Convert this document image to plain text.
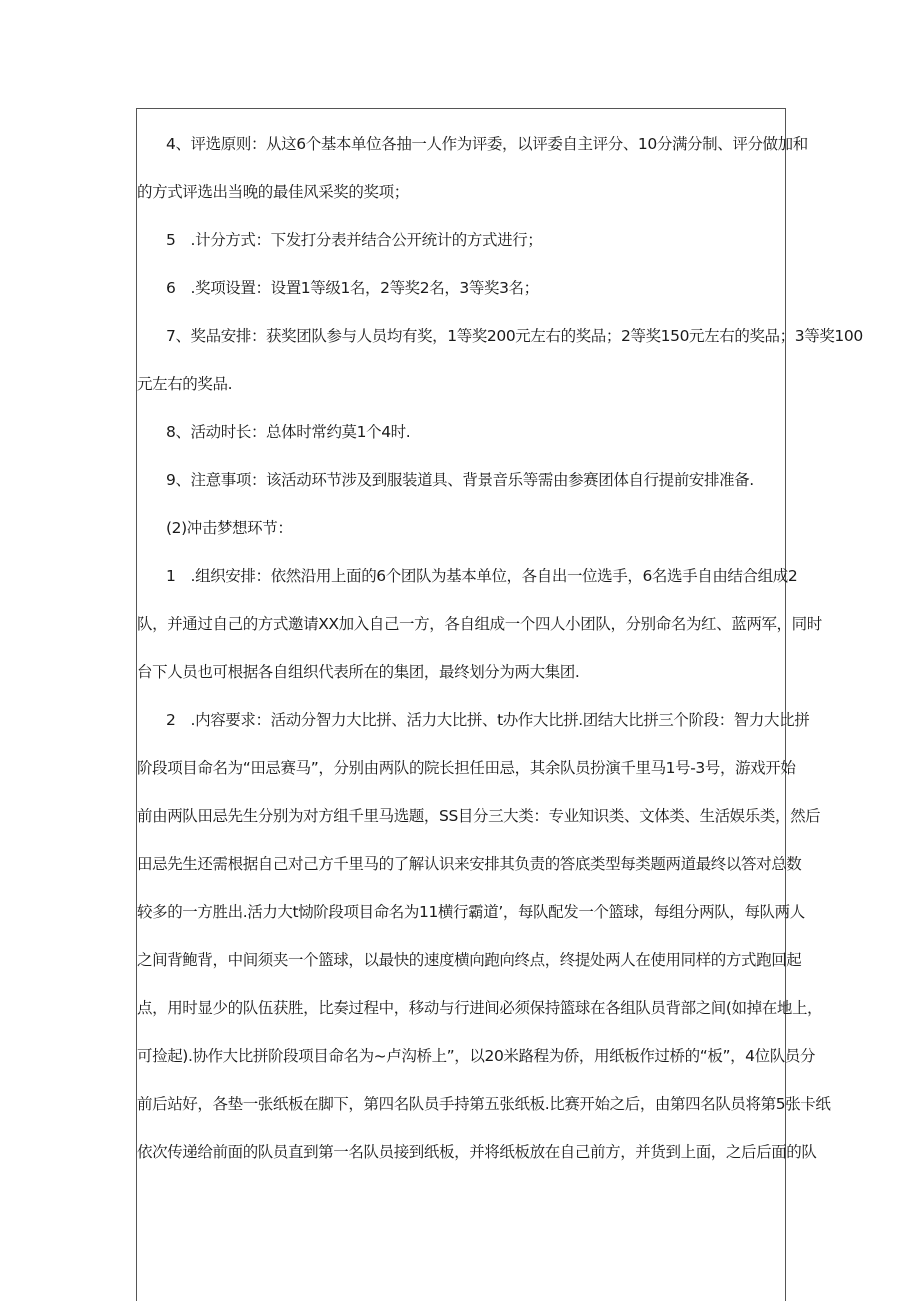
4、评选原则：从这6个基本单位各抽一人作为评委，以评委自主评分、10分满分制、评分做加和
的方式评选出当晚的最佳风采奖的奖项；
5　.计分方式：下发打分表并结合公开统计的方式进行；
6　.奖项设置：设置1等级1名，2等奖2名，3等奖3名；
7、奖品安排：获奖团队参与人员均有奖，1等奖200元左右的奖品；2等奖150元左右的奖品；3等奖100
元左右的奖品.
8、活动时长：总体时常约莫1个4时.
9、注意事项：该活动环节涉及到服装道具、背景音乐等需由参赛团体自行提前安排准备.
(2)冲击梦想环节：
1　.组织安排：依然沿用上面的6个团队为基本单位，各自出一位选手，6名选手自由结合组成2
队，并通过自己的方式邀请XX加入自己一方，各自组成一个四人小团队，分别命名为红、蓝两军，同时
台下人员也可根据各自组织代表所在的集团，最终划分为两大集团.
2　.内容要求：活动分智力大比拼、活力大比拼、t办作大比拼.团结大比拼三个阶段：智力大比拼
阶段项目命名为“田忌赛马”，分别由两队的院长担任田忌，其余队员扮演千里马1号-3号，游戏开始
前由两队田忌先生分别为对方组千里马选题，SS目分三大类：专业知识类、文体类、生活娱乐类，然后
田忌先生还需根据自己对己方千里马的了解认识来安排其负责的答底类型每类题两道最终以答对总数
较多的一方胜出.活力大t恸阶段项目命名为11横行霸道’，每队配发一个篮球，每组分两队，每队两人
之间背鲍背，中间须夹一个篮球，以最快的速度横向跑向终点，终提处两人在使用同样的方式跑回起
点，用时显少的队伍获胜，比奏过程中，移动与行进间必须保持篮球在各组队员背部之间(如掉在地上，
可捡起).协作大比拼阶段项目命名为~卢沟桥上”，以20米路程为侨，用纸板作过桥的“板”，4位队员分
前后站好，各垫一张纸板在脚下，第四名队员手持第五张纸板.比赛开始之后，由第四名队员将第5张卡纸
依次传递给前面的队员直到第一名队员接到纸板，并将纸板放在自己前方，并货到上面，之后后面的队
